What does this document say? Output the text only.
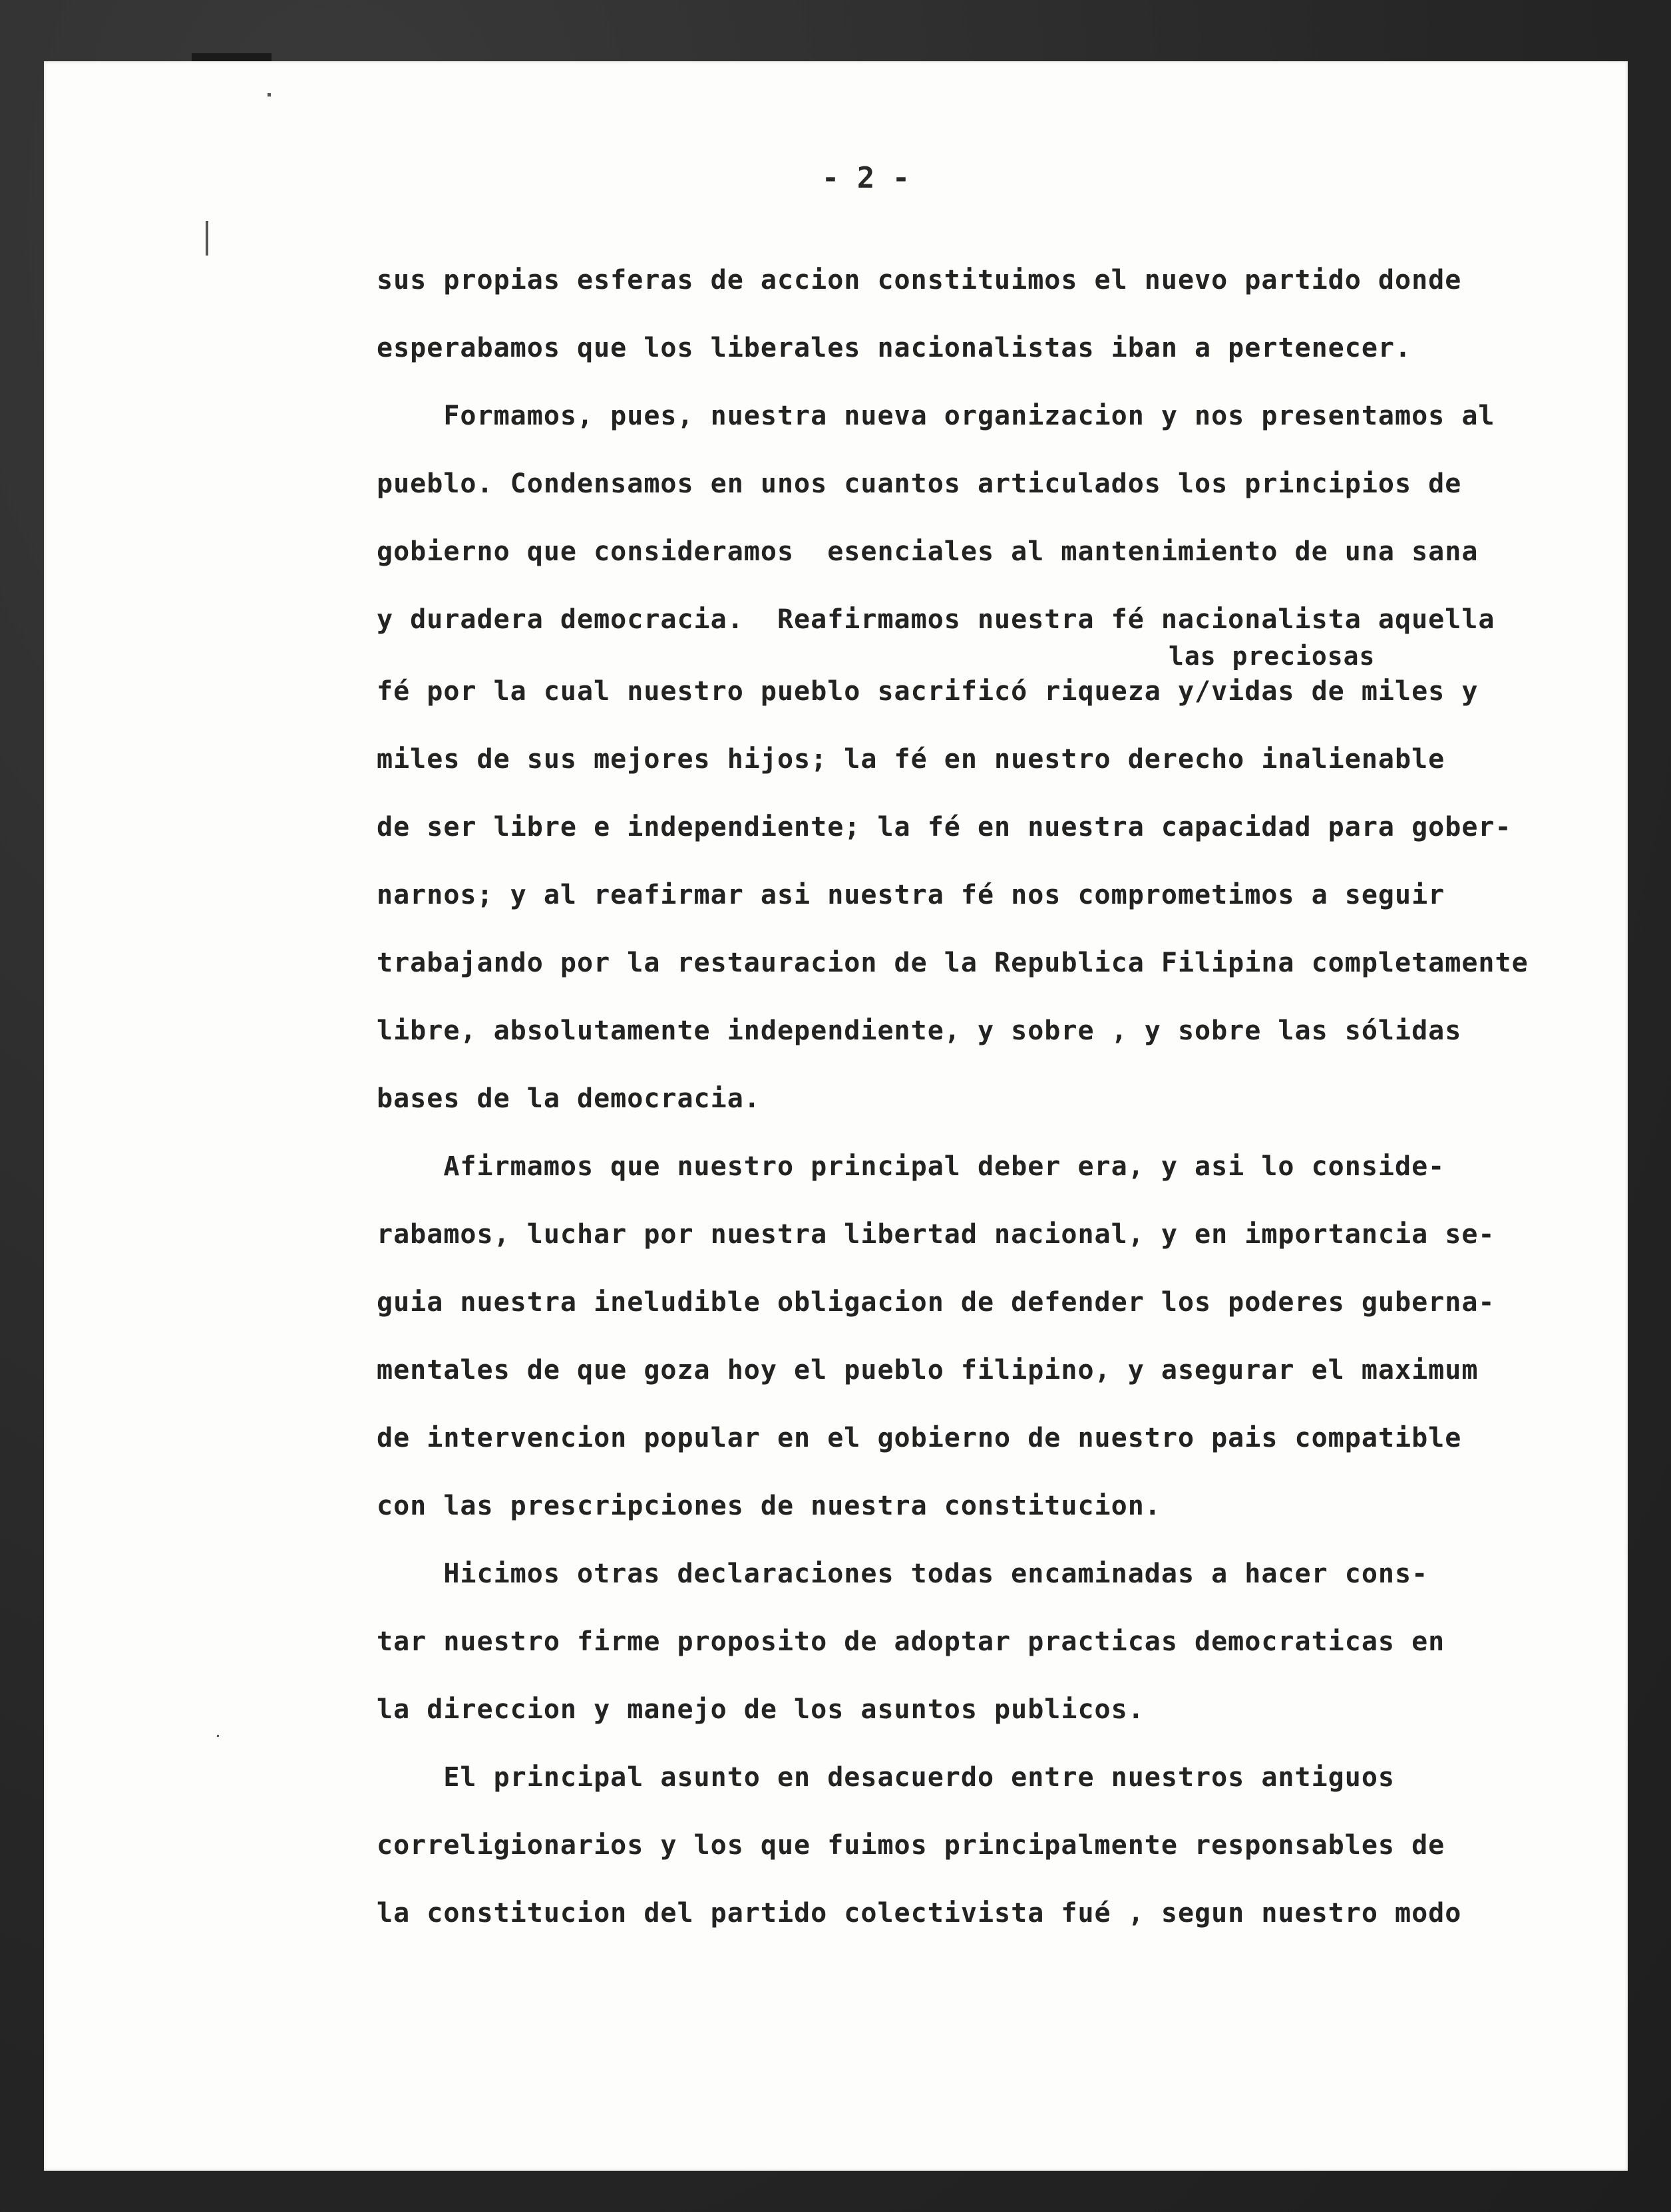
- 2 -
sus propias esferas de accion constituimos el nuevo partido donde
esperabamos que los liberales nacionalistas iban a pertenecer.
Formamos, pues, nuestra nueva organizacion y nos presentamos al
pueblo. Condensamos en unos cuantos articulados los principios de
gobierno que consideramos  esenciales al mantenimiento de una sana
y duradera democracia.  Reafirmamos nuestra fé nacionalista aquella
las preciosas
fé por la cual nuestro pueblo sacrificó riqueza y/vidas de miles y
miles de sus mejores hijos; la fé en nuestro derecho inalienable
de ser libre e independiente; la fé en nuestra capacidad para gober-
narnos; y al reafirmar asi nuestra fé nos comprometimos a seguir
trabajando por la restauracion de la Republica Filipina completamente
libre, absolutamente independiente, y sobre , y sobre las sólidas
bases de la democracia.
Afirmamos que nuestro principal deber era, y asi lo conside-
rabamos, luchar por nuestra libertad nacional, y en importancia se-
guia nuestra ineludible obligacion de defender los poderes guberna-
mentales de que goza hoy el pueblo filipino, y asegurar el maximum
de intervencion popular en el gobierno de nuestro pais compatible
con las prescripciones de nuestra constitucion.
Hicimos otras declaraciones todas encaminadas a hacer cons-
tar nuestro firme proposito de adoptar practicas democraticas en
la direccion y manejo de los asuntos publicos.
El principal asunto en desacuerdo entre nuestros antiguos
correligionarios y los que fuimos principalmente responsables de
la constitucion del partido colectivista fué , segun nuestro modo
